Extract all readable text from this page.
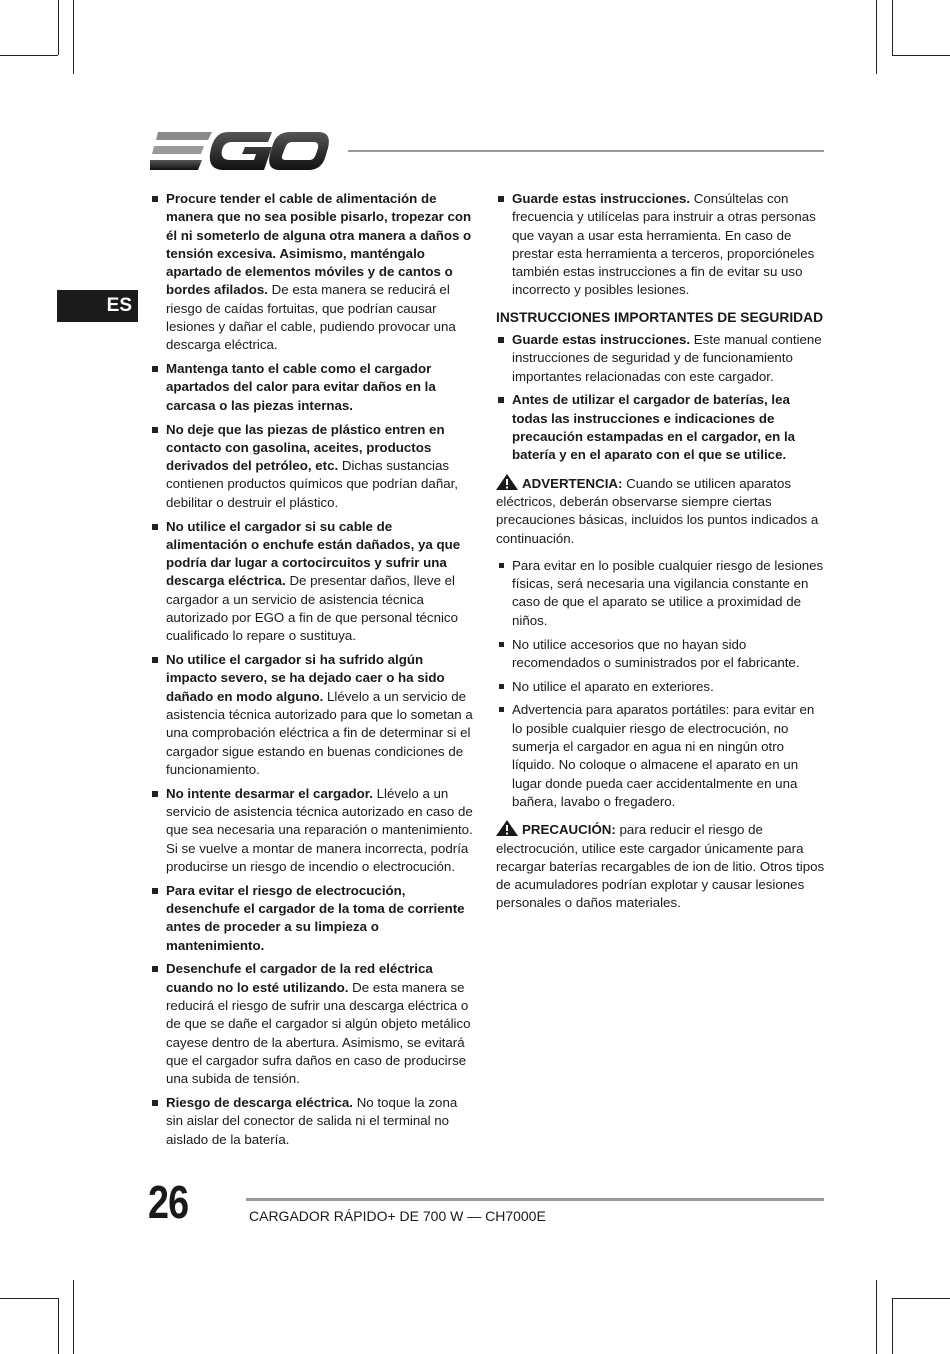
ES
Procure tender el cable de alimentación de manera que no sea posible pisarlo, tropezar con él ni someterlo de alguna otra manera a daños o tensión excesiva. Asimismo, manténgalo apartado de elementos móviles y de cantos o bordes afilados. De esta manera se reducirá el riesgo de caídas fortuitas, que podrían causar lesiones y dañar el cable, pudiendo provocar una descarga eléctrica.
Mantenga tanto el cable como el cargador apartados del calor para evitar daños en la carcasa o las piezas internas.
No deje que las piezas de plástico entren en contacto con gasolina, aceites, productos derivados del petróleo, etc. Dichas sustancias contienen productos químicos que podrían dañar, debilitar o destruir el plástico.
No utilice el cargador si su cable de alimentación o enchufe están dañados, ya que podría dar lugar a cortocircuitos y sufrir una descarga eléctrica. De presentar daños, lleve el cargador a un servicio de asistencia técnica autorizado por EGO a fin de que personal técnico cualificado lo repare o sustituya.
No utilice el cargador si ha sufrido algún impacto severo, se ha dejado caer o ha sido dañado en modo alguno. Llévelo a un servicio de asistencia técnica autorizado para que lo sometan a una comprobación eléctrica a fin de determinar si el cargador sigue estando en buenas condiciones de funcionamiento.
No intente desarmar el cargador. Llévelo a un servicio de asistencia técnica autorizado en caso de que sea necesaria una reparación o mantenimiento. Si se vuelve a montar de manera incorrecta, podría producirse un riesgo de incendio o electrocución.
Para evitar el riesgo de electrocución, desenchufe el cargador de la toma de corriente antes de proceder a su limpieza o mantenimiento.
Desenchufe el cargador de la red eléctrica cuando no lo esté utilizando. De esta manera se reducirá el riesgo de sufrir una descarga eléctrica o de que se dañe el cargador si algún objeto metálico cayese dentro de la abertura. Asimismo, se evitará que el cargador sufra daños en caso de producirse una subida de tensión.
Riesgo de descarga eléctrica. No toque la zona sin aislar del conector de salida ni el terminal no aislado de la batería.
Guarde estas instrucciones. Consúltelas con frecuencia y utilícelas para instruir a otras personas que vayan a usar esta herramienta. En caso de prestar esta herramienta a terceros, proporcióneles también estas instrucciones a fin de evitar su uso incorrecto y posibles lesiones.
INSTRUCCIONES IMPORTANTES DE SEGURIDAD
Guarde estas instrucciones. Este manual contiene instrucciones de seguridad y de funcionamiento importantes relacionadas con este cargador.
Antes de utilizar el cargador de baterías, lea todas las instrucciones e indicaciones de precaución estampadas en el cargador, en la batería y en el aparato con el que se utilice.
ADVERTENCIA: Cuando se utilicen aparatos eléctricos, deberán observarse siempre ciertas precauciones básicas, incluidos los puntos indicados a continuación.
Para evitar en lo posible cualquier riesgo de lesiones físicas, será necesaria una vigilancia constante en caso de que el aparato se utilice a proximidad de niños.
No utilice accesorios que no hayan sido recomendados o suministrados por el fabricante.
No utilice el aparato en exteriores.
Advertencia para aparatos portátiles: para evitar en lo posible cualquier riesgo de electrocución, no sumerja el cargador en agua ni en ningún otro líquido. No coloque o almacene el aparato en un lugar donde pueda caer accidentalmente en una bañera, lavabo o fregadero.
PRECAUCIÓN: para reducir el riesgo de electrocución, utilice este cargador únicamente para recargar baterías recargables de ion de litio. Otros tipos de acumuladores podrían explotar y causar lesiones personales o daños materiales.
26	CARGADOR RÁPIDO+ DE 700 W — CH7000E
